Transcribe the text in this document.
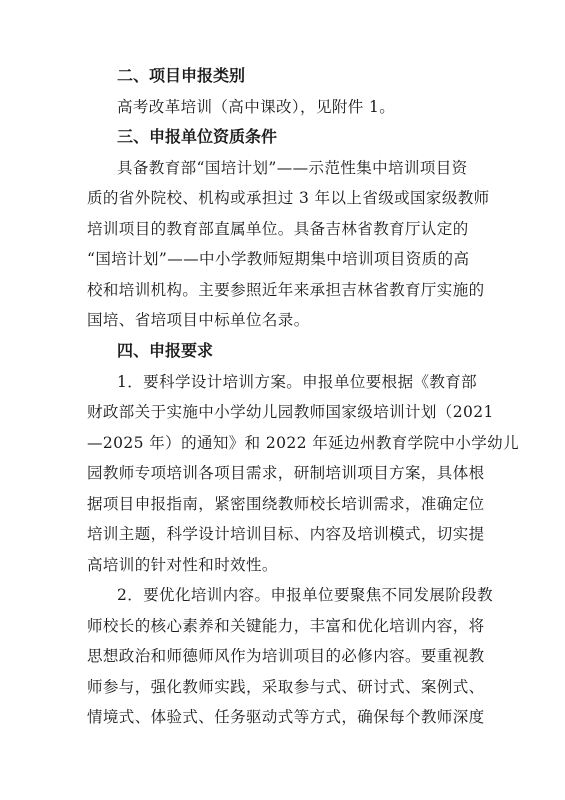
二、项目申报类别
高考改革培训（高中课改），见附件 1。
三、申报单位资质条件
具备教育部“国培计划”——示范性集中培训项目资
质的省外院校、机构或承担过 3 年以上省级或国家级教师
培训项目的教育部直属单位。具备吉林省教育厅认定的
“国培计划”——中小学教师短期集中培训项目资质的高
校和培训机构。主要参照近年来承担吉林省教育厅实施的
国培、省培项目中标单位名录。
四、申报要求
1．要科学设计培训方案。申报单位要根据《教育部
财政部关于实施中小学幼儿园教师国家级培训计划（2021
—2025 年）的通知》和 2022 年延边州教育学院中小学幼儿
园教师专项培训各项目需求，研制培训项目方案，具体根
据项目申报指南，紧密围绕教师校长培训需求，准确定位
培训主题，科学设计培训目标、内容及培训模式，切实提
高培训的针对性和时效性。
2．要优化培训内容。申报单位要聚焦不同发展阶段教
师校长的核心素养和关键能力，丰富和优化培训内容，将
思想政治和师德师风作为培训项目的必修内容。要重视教
师参与，强化教师实践，采取参与式、研讨式、案例式、
情境式、体验式、任务驱动式等方式，确保每个教师深度
